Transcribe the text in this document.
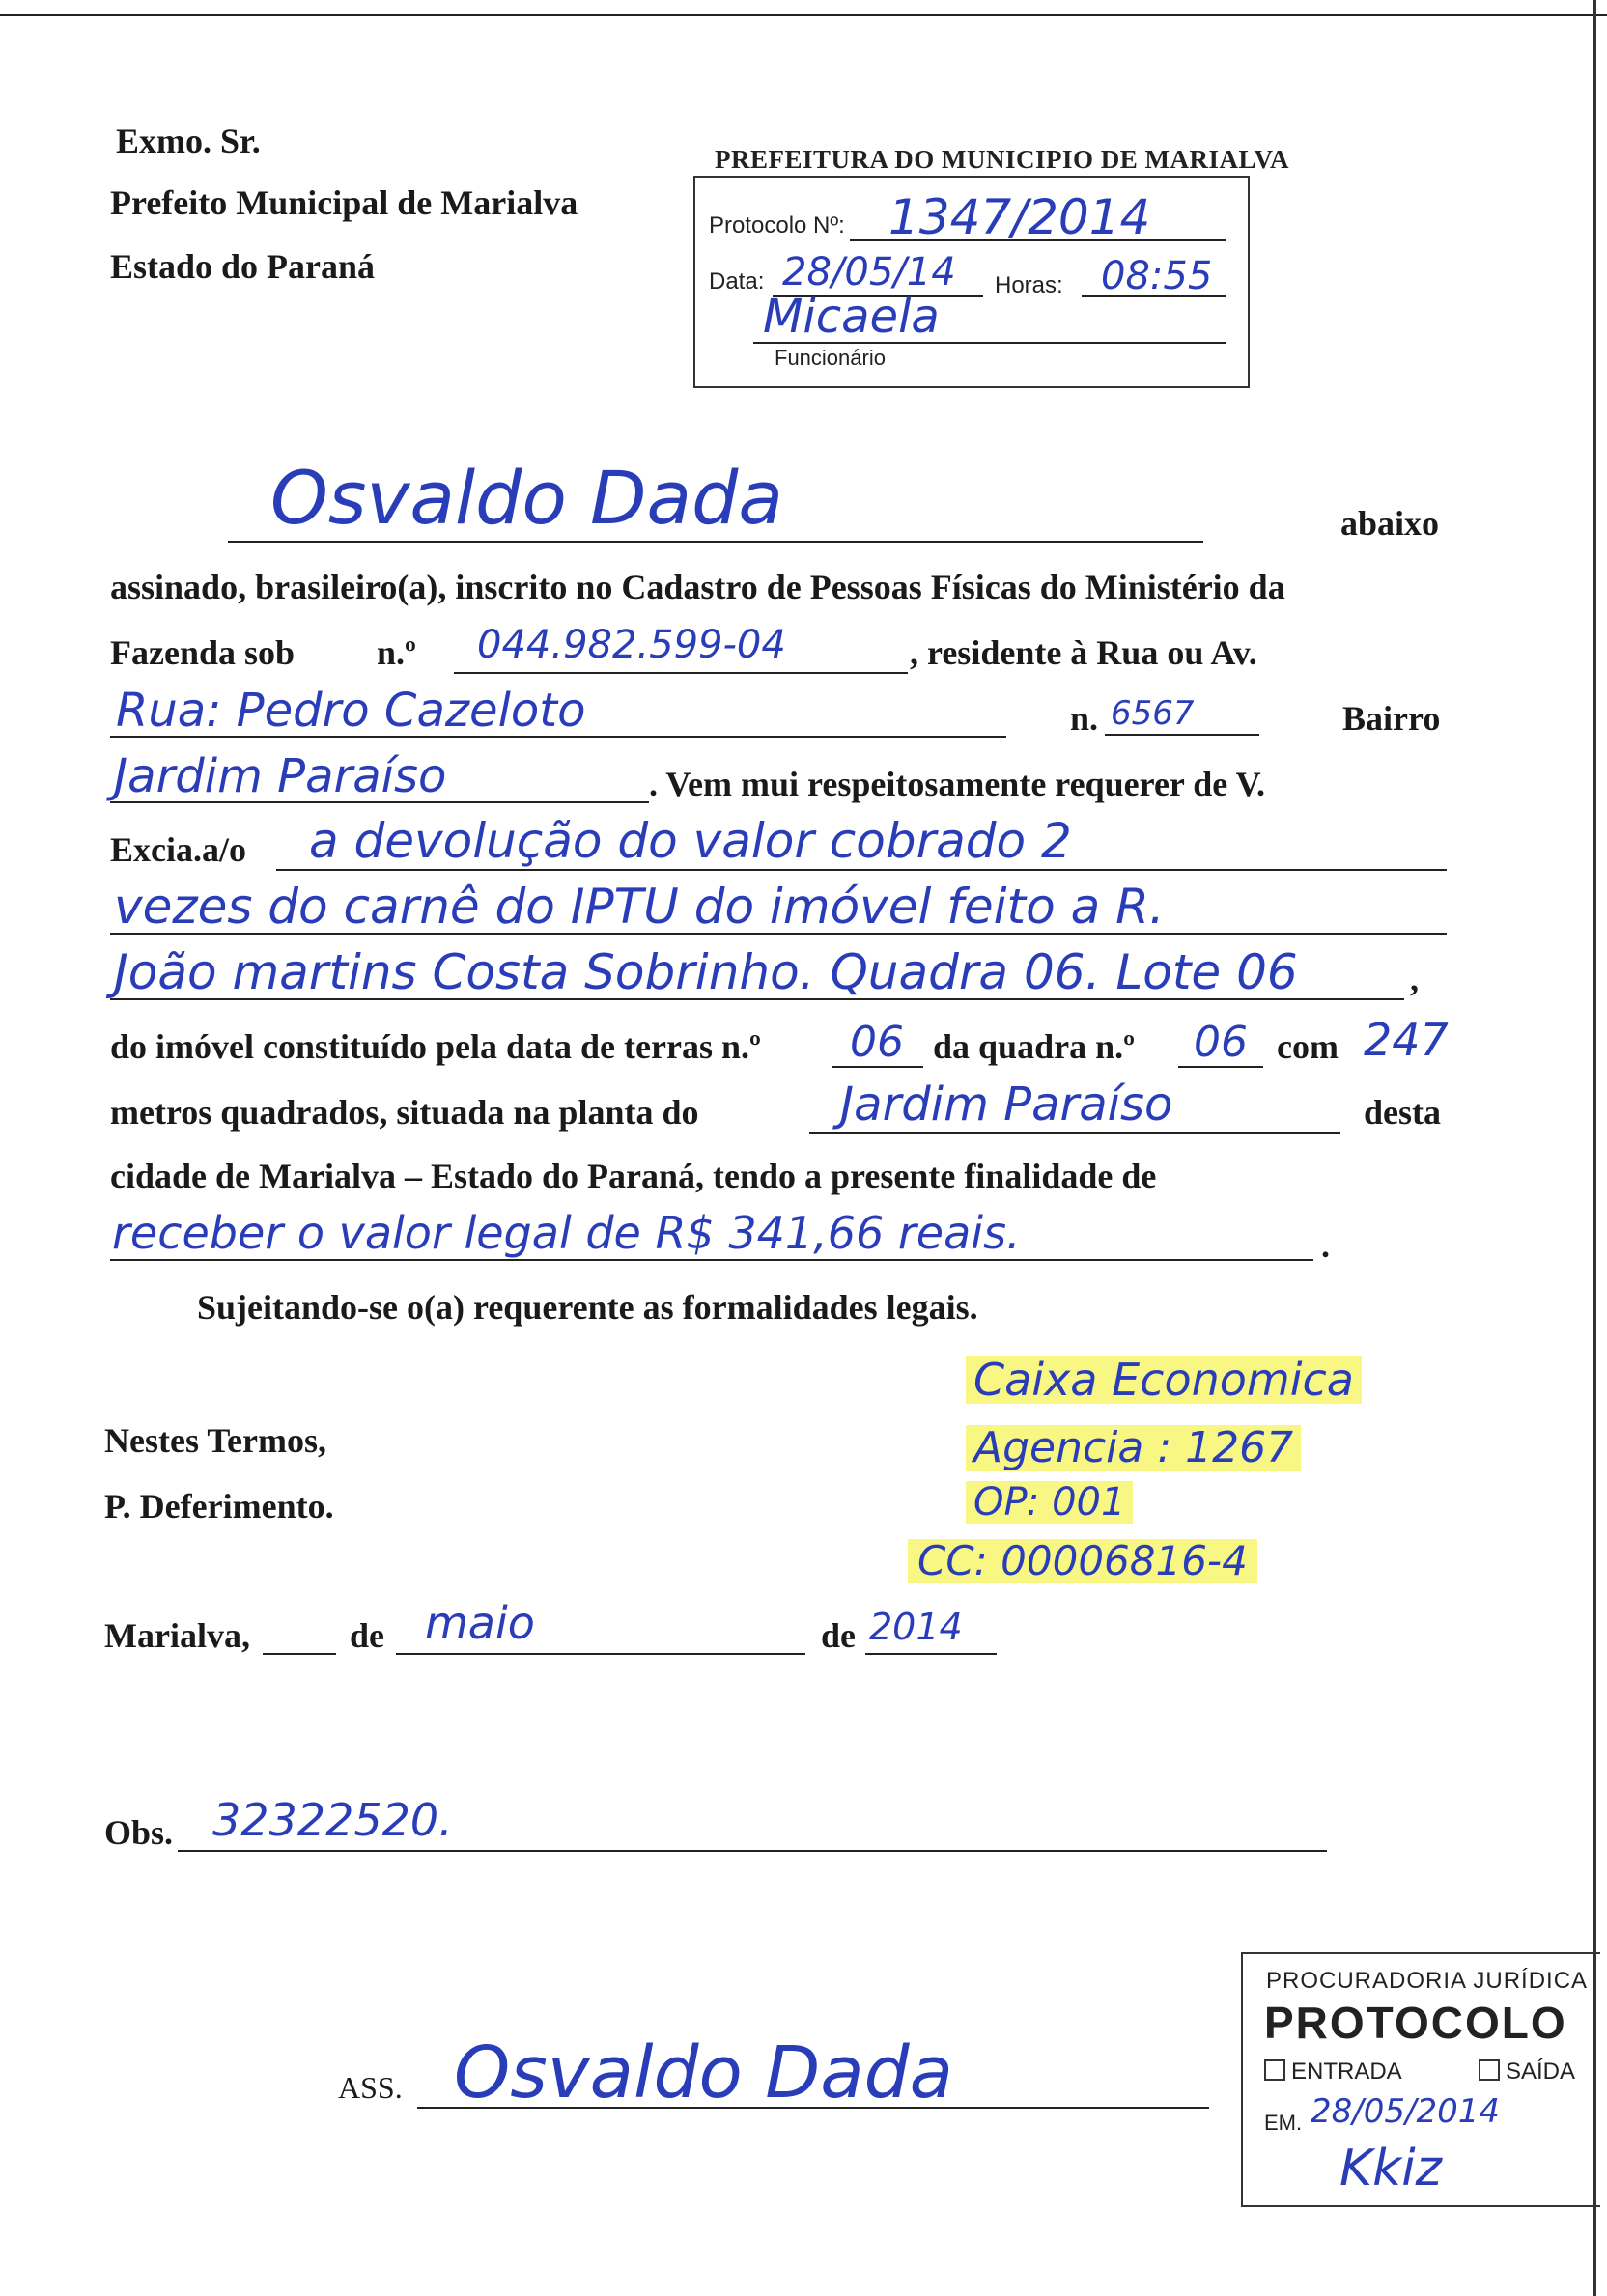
Exmo. Sr.
Prefeito Municipal de Marialva
Estado do Paraná
PREFEITURA DO MUNICIPIO DE MARIALVA
Protocolo Nº: 1347/2014
Data: 28/05/14 Horas: 08:55
Micaela
Funcionário
Osvaldo Dada	abaixo
assinado, brasileiro(a), inscrito no Cadastro de Pessoas Físicas do Ministério da
Fazenda sob n.º 044.982.599-04	, residente à Rua ou Av.
Rua: Pedro Cazeloto	n. 6567	Bairro
Jardim Paraíso	. Vem mui respeitosamente requerer de V.
Excia.a/o a devolução do valor cobrado 2
vezes do carnê do IPTU do imóvel feito a R.
João martins Costa Sobrinho. Quadra 06. Lote 06	,
do imóvel constituído pela data de terras n.º 06 da quadra n.º 06 com 247
metros quadrados, situada na planta do	Jardim Paraíso	desta
cidade de Marialva – Estado do Paraná, tendo a presente finalidade de
receber o valor legal de R$ 341,66 reais.	.
Sujeitando-se o(a) requerente as formalidades legais.
Caixa Economica
Agencia : 1267
OP: 001
CC: 00006816-4
Nestes Termos,
P. Deferimento.
Marialva,	de maio	de 2014
Obs. 32322520.
ASS. Osvaldo Dada
PROCURADORIA JURÍDICA
PROTOCOLO
ENTRADA	SAÍDA
EM. 28/05/2014
Kkiz
